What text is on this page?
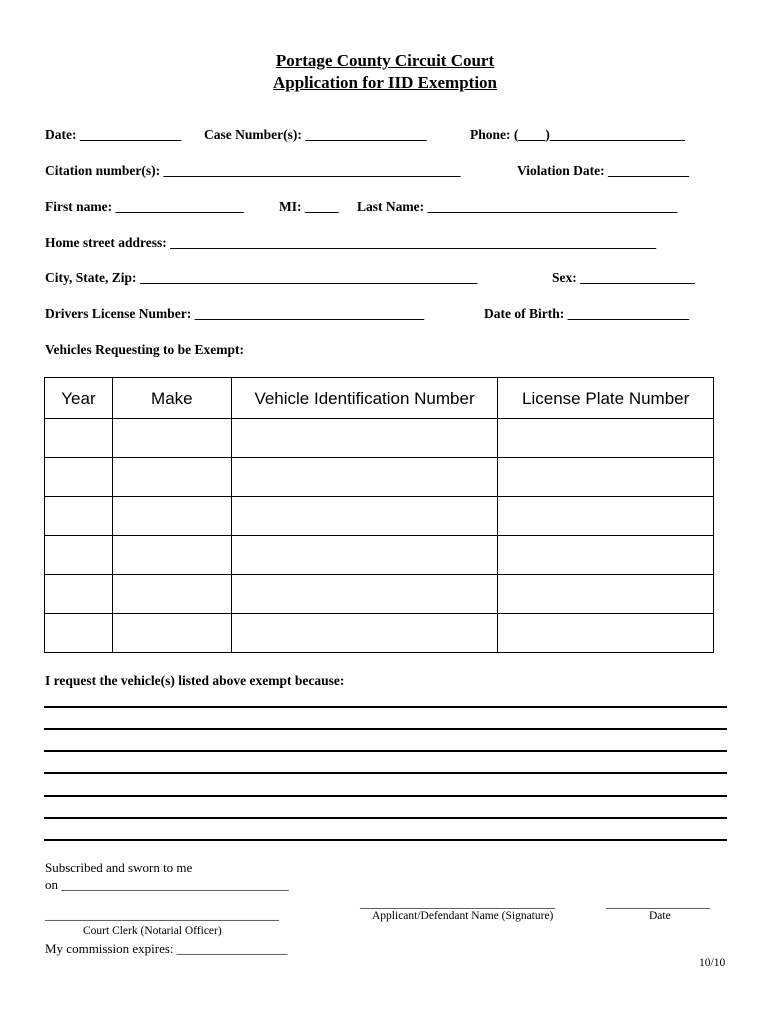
Portage County Circuit Court
Application for IID Exemption
Date: _______________ Case Number(s): __________________	Phone: (____)____________________
Citation number(s): ____________________________________________	Violation Date: ____________
First name: ___________________	MI: _____ Last Name: _____________________________________
Home street address: ________________________________________________________________________
City, State, Zip: __________________________________________________	Sex: _________________
Drivers License Number: __________________________________	Date of Birth: __________________
Vehicles Requesting to be Exempt:
Year	Make	Vehicle Identification Number	License Plate Number

I request the vehicle(s) listed above exempt because:
Subscribed and sworn to me
on ___________________________________
____________________________________
Court Clerk (Notarial Officer)
My commission expires: _________________
______________________________
Applicant/Defendant Name (Signature)
________________
Date
10/10
